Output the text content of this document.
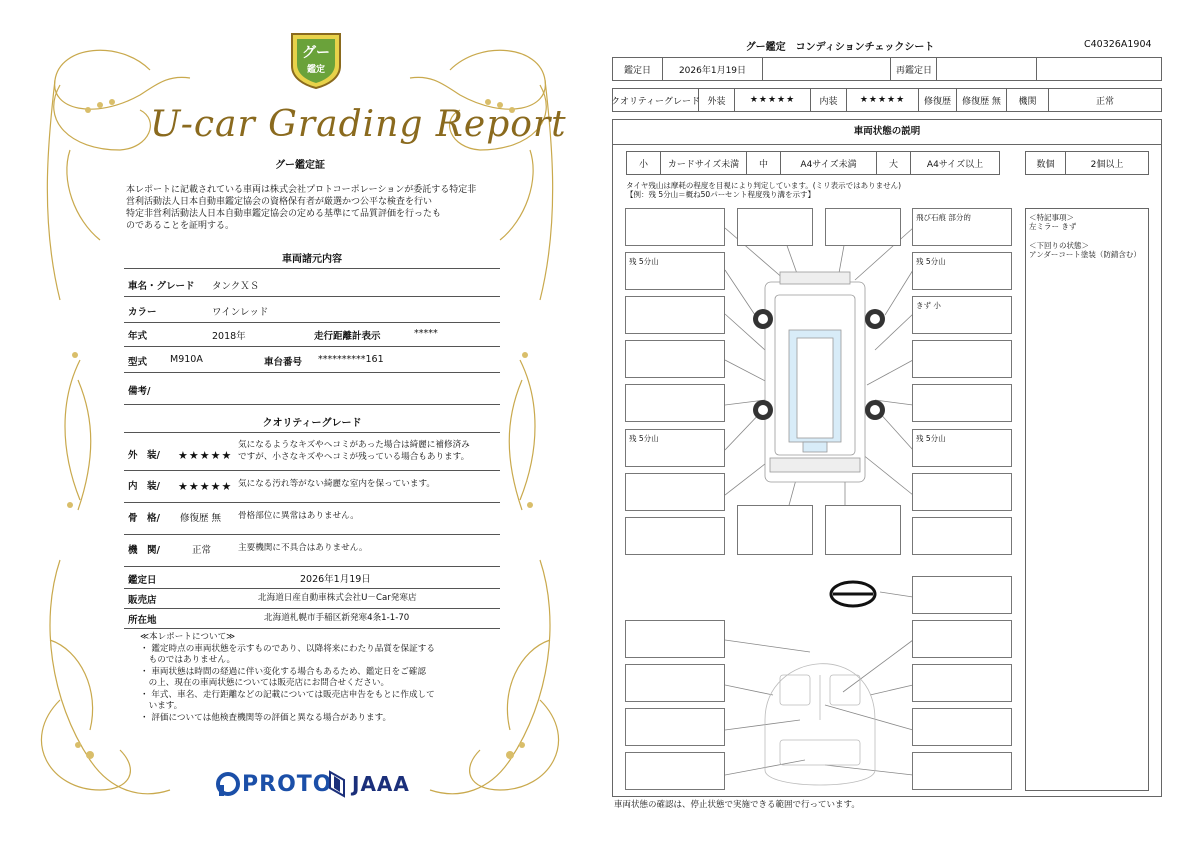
グー
鑑定
U-car Grading Report
グー鑑定証
本レポートに記載されている車両は株式会社プロトコーポレーションが委託する特定非
営利活動法人日本自動車鑑定協会の資格保有者が厳選かつ公平な検査を行い
特定非営利活動法人日本自動車鑑定協会の定める基準にて品質評価を行ったも
のであることを証明する。
車両諸元内容
車名・グレード タンクＸＳ
カラー	ワインレッド
年式	2018年	走行距離計表示	*****
型式 M910A	車台番号 **********161
備考/
クオリティーグレード
外　装/ ★★★★★
気になるようなキズやヘコミがあった場合は綺麗に補修済み
ですが、小さなキズやヘコミが残っている場合もあります。
内　装/ ★★★★★ 気になる汚れ等がない綺麗な室内を保っています。
骨　格/ 修復歴 無 骨格部位に異常はありません。
機　関/	正常	主要機関に不具合はありません。
鑑定日	2026年1月19日
販売店	北海道日産自動車株式会社U－Car発寒店
所在地	北海道札幌市手稲区新発寒4条1-1-70
≪本レポートについて≫
・ 鑑定時点の車両状態を示すものであり、以降将来にわたり品質を保証する
　ものではありません。
・ 車両状態は時間の経過に伴い変化する場合もあるため、鑑定日をご確認
　の上、現在の車両状態については販売店にお問合せください。
・ 年式、車名、走行距離などの記載については販売店申告をもとに作成して
　います。
・ 評価については他検査機関等の評価と異なる場合があります。
PROTO JAAA
グー鑑定　コンディションチェックシート	C40326A1904
鑑定日	2026年1月19日	再鑑定日
クオリティーグレード 外装	★★★★★	内装	★★★★★	修復歴	修復歴 無	機関	正常
車両状態の説明
小	カードサイズ未満	中	A4サイズ未満	大	A4サイズ以上	数個	2個以上
タイヤ残山は摩耗の程度を目視により判定しています。(ミリ表示ではありません)
【例：残 5分山＝概ね50パーセント程度残り溝を示す】
飛び石痕 部分的
残 5分山	残 5分山
きず 小
残 5分山	残 5分山
＜特記事項＞
左ミラー きず
＜下回りの状態＞
アンダーコート塗装（防錆含む）
車両状態の確認は、停止状態で実施できる範囲で行っています。
